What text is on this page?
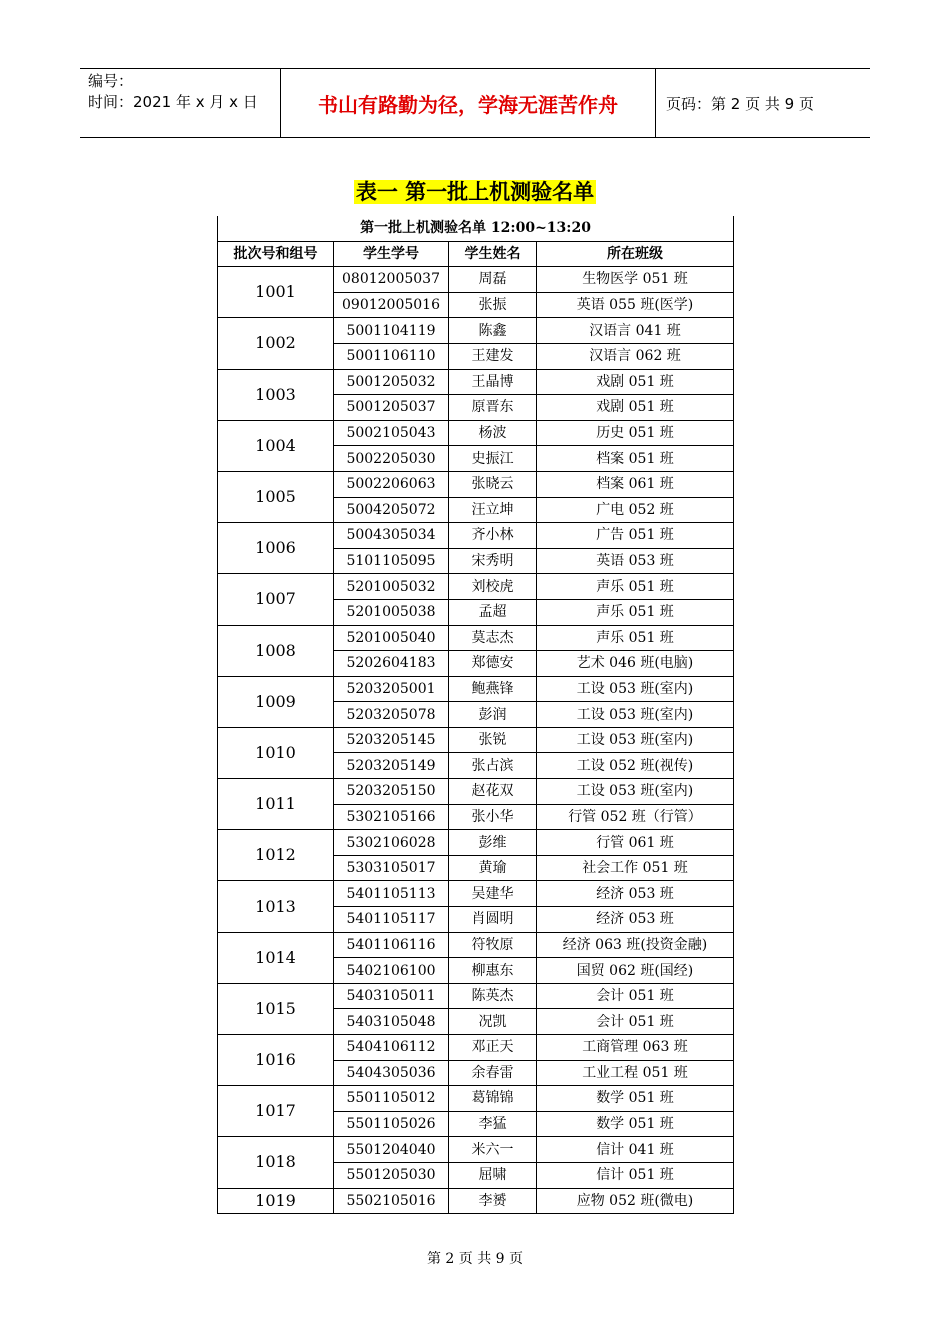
编号：
时间：2021 年 x 月 x 日	书山有路勤为径，学海无涯苦作舟	页码：第 2 页 共 9 页
表一 第一批上机测验名单
第一批上机测验名单 12:00~13:20			
批次号和组号	学生学号	学生姓名	所在班级
1001	08012005037	周磊	生物医学 051 班
	09012005016	张振	英语 055 班(医学)
1002	5001104119	陈鑫	汉语言 041 班
	5001106110	王建发	汉语言 062 班
1003	5001205032	王晶博	戏剧 051 班
	5001205037	原晋东	戏剧 051 班
1004	5002105043	杨波	历史 051 班
	5002205030	史振江	档案 051 班
1005	5002206063	张晓云	档案 061 班
	5004205072	汪立坤	广电 052 班
1006	5004305034	齐小林	广告 051 班
	5101105095	宋秀明	英语 053 班
1007	5201005032	刘校虎	声乐 051 班
	5201005038	孟超	声乐 051 班
1008	5201005040	莫志杰	声乐 051 班
	5202604183	郑德安	艺术 046 班(电脑)
1009	5203205001	鲍燕锋	工设 053 班(室内)
	5203205078	彭润	工设 053 班(室内)
1010	5203205145	张锐	工设 053 班(室内)
	5203205149	张占滨	工设 052 班(视传)
1011	5203205150	赵花双	工设 053 班(室内)
	5302105166	张小华	行管 052 班（行管）
1012	5302106028	彭维	行管 061 班
	5303105017	黄瑜	社会工作 051 班
1013	5401105113	吴建华	经济 053 班
	5401105117	肖圆明	经济 053 班
1014	5401106116	符牧原	经济 063 班(投资金融)
	5402106100	柳惠东	国贸 062 班(国经)
1015	5403105011	陈英杰	会计 051 班
	5403105048	况凯	会计 051 班
1016	5404106112	邓正天	工商管理 063 班
	5404305036	余春雷	工业工程 051 班
1017	5501105012	葛锦锦	数学 051 班
	5501105026	李猛	数学 051 班
1018	5501204040	米六一	信计 041 班
	5501205030	屈啸	信计 051 班
1019	5502105016	李赟	应物 052 班(微电)
第 2 页 共 9 页
